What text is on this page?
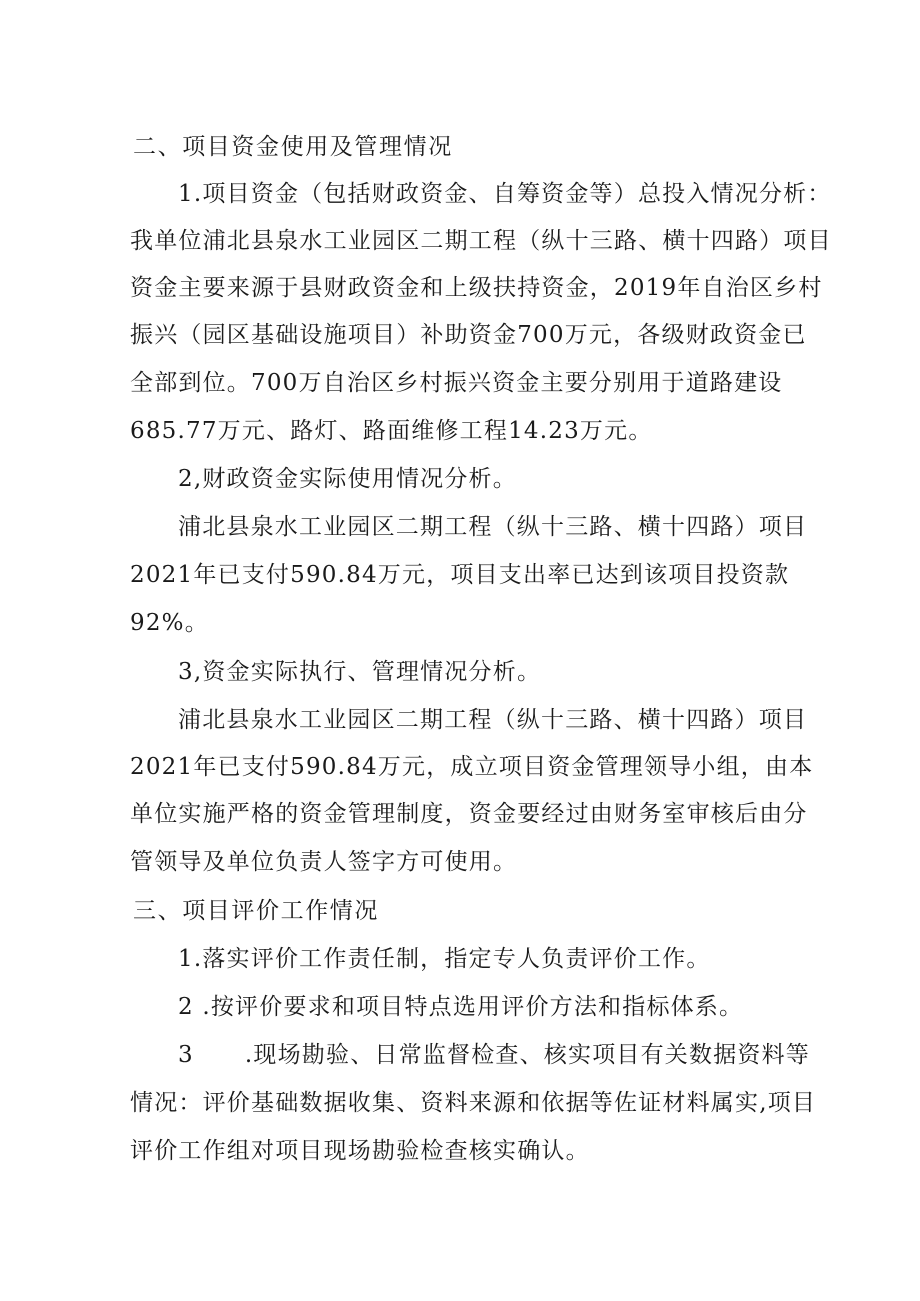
二、项目资金使用及管理情况
1.项目资金（包括财政资金、自筹资金等）总投入情况分析：
我单位浦北县泉水工业园区二期工程（纵十三路、横十四路）项目
资金主要来源于县财政资金和上级扶持资金，2019年自治区乡村
振兴（园区基础设施项目）补助资金700万元，各级财政资金已
全部到位。700万自治区乡村振兴资金主要分别用于道路建设
685.77万元、路灯、路面维修工程14.23万元。
2,财政资金实际使用情况分析。
浦北县泉水工业园区二期工程（纵十三路、横十四路）项目
2021年已支付590.84万元，项目支出率已达到该项目投资款
92%。
3,资金实际执行、管理情况分析。
浦北县泉水工业园区二期工程（纵十三路、横十四路）项目
2021年已支付590.84万元，成立项目资金管理领导小组，由本
单位实施严格的资金管理制度，资金要经过由财务室审核后由分
管领导及单位负责人签字方可使用。
三、项目评价工作情况
1.落实评价工作责任制，指定专人负责评价工作。
2 .按评价要求和项目特点选用评价方法和指标体系。
3      .现场勘验、日常监督检查、核实项目有关数据资料等
情况：评价基础数据收集、资料来源和依据等佐证材料属实,项目
评价工作组对项目现场勘验检查核实确认。
